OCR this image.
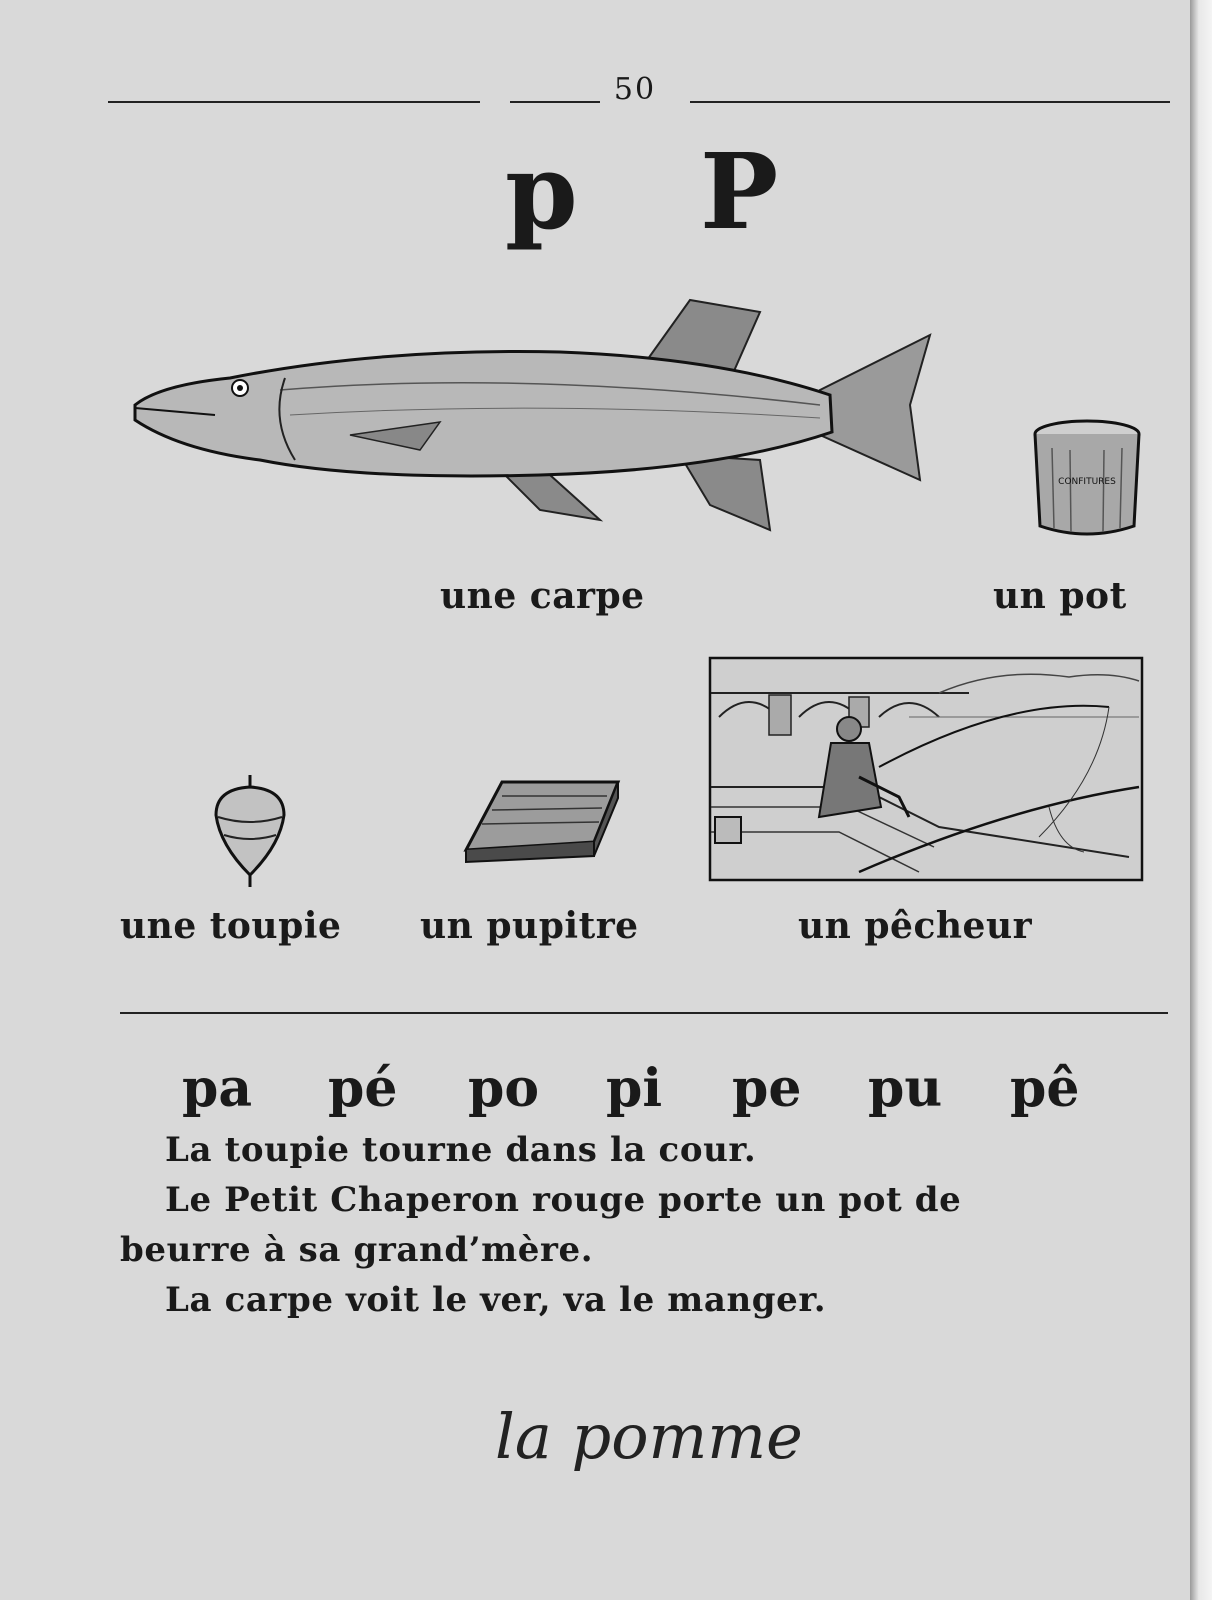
50
p P
CONFITURES
une carpe	un pot
une toupie un pupitre	un pêcheur
pa pé po pi pe pu pê
La toupie tourne dans la cour.
Le Petit Chaperon rouge porte un pot de
beurre à sa grand’mère.
La carpe voit le ver, va le manger.
la pomme
